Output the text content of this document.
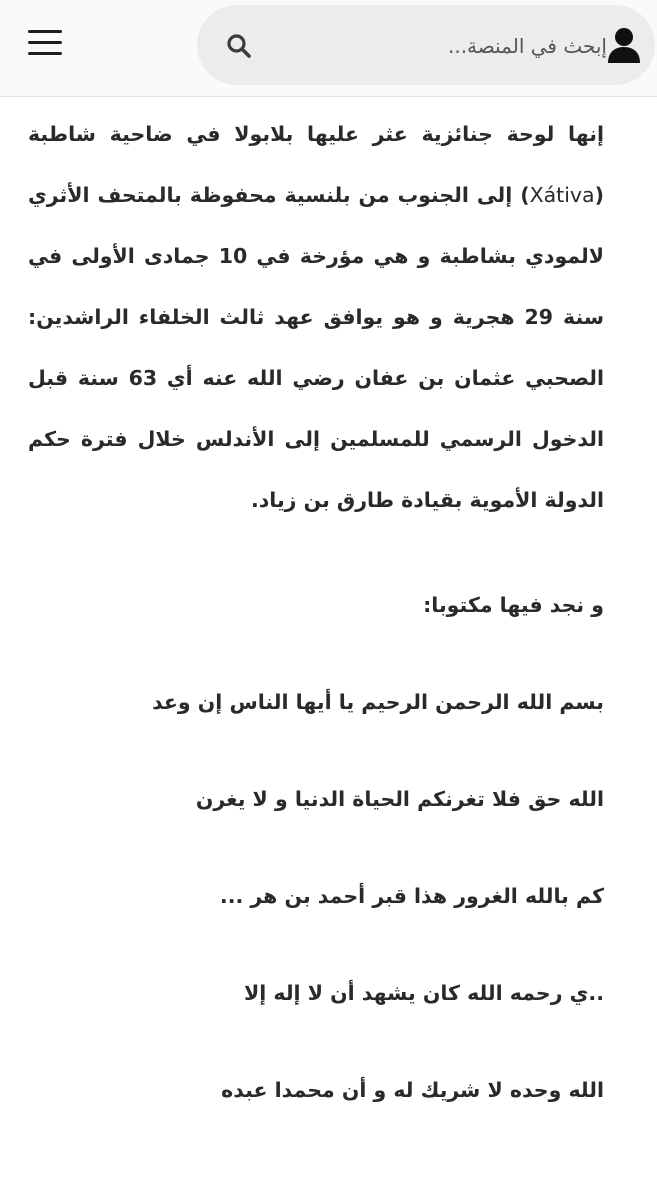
إبحث في المنصة...

إنها لوحة جنائزية عثر عليها بلابولا في ضاحية شاطبة (Xátiva) إلى الجنوب من بلنسية محفوظة بالمتحف الأثري لالمودي بشاطبة و هي مؤرخة في 10 جمادى الأولى في سنة 29 هجرية و هو يوافق عهد ثالث الخلفاء الراشدين: الصحبي عثمان بن عفان رضي الله عنه أي 63 سنة قبل الدخول الرسمي للمسلمين إلى الأندلس خلال فترة حكم الدولة الأموية بقيادة طارق بن زياد.

و نجد فيها مكتوبا:

بسم الله الرحمن الرحيم يا أيها الناس إن وعد
الله حق فلا تغرنكم الحياة الدنيا و لا يغرن
كم بالله الغرور هذا قبر أحمد بن هر ...
..ي رحمه الله كان يشهد أن لا إله إلا
الله وحده لا شريك له و أن محمدا عبده
